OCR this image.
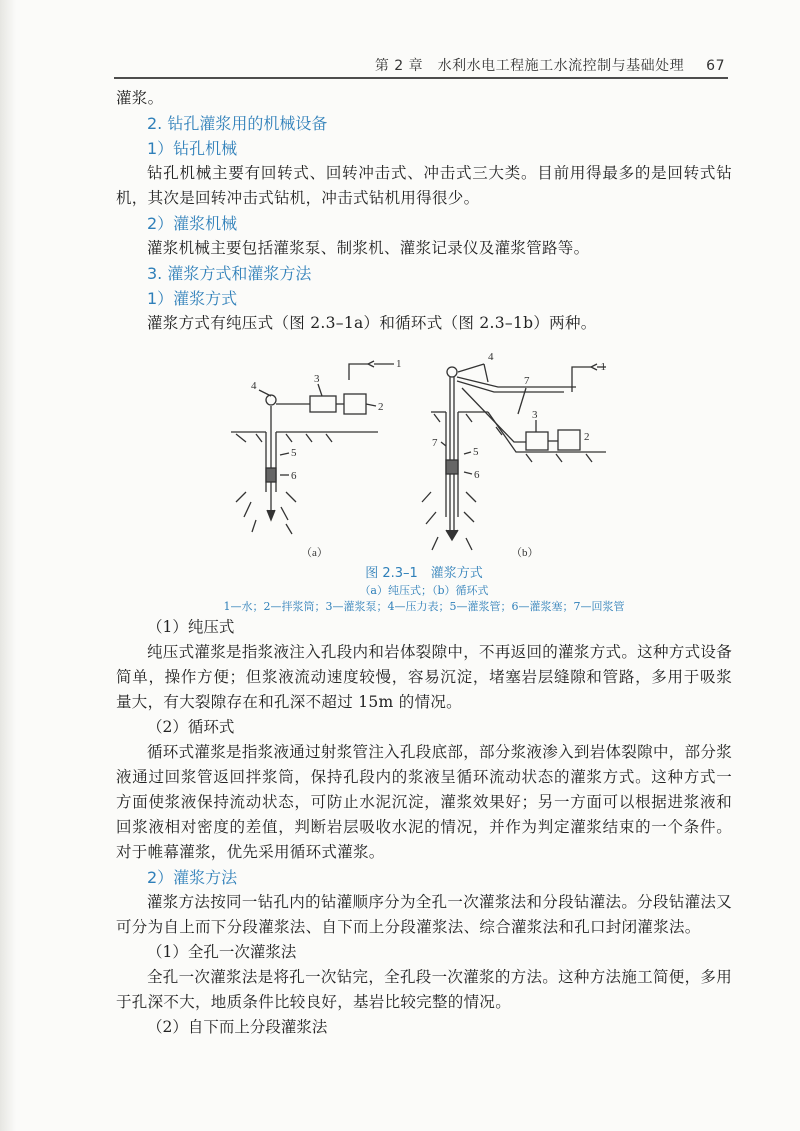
第 2 章　水利水电工程施工水流控制与基础处理 67

灌浆。

2. 钻孔灌浆用的机械设备

1）钻孔机械

钻孔机械主要有回转式、回转冲击式、冲击式三大类。目前用得最多的是回转式钻机，其次是回转冲击式钻机，冲击式钻机用得很少。

2）灌浆机械

灌浆机械主要包括灌浆泵、制浆机、灌浆记录仪及灌浆管路等。

3. 灌浆方式和灌浆方法

1）灌浆方式

灌浆方式有纯压式（图 2.3–1a）和循环式（图 2.3–1b）两种。

1
2
3
4
5
6
4
7
1
2
3
7
5
6
（a）	（b）

图 2.3–1　灌浆方式

（a）纯压式；（b）循环式

1—水；2—拌浆筒；3—灌浆泵；4—压力表；5—灌浆管；6—灌浆塞；7—回浆管

（1）纯压式

纯压式灌浆是指浆液注入孔段内和岩体裂隙中，不再返回的灌浆方式。这种方式设备简单，操作方便；但浆液流动速度较慢，容易沉淀，堵塞岩层缝隙和管路，多用于吸浆量大，有大裂隙存在和孔深不超过 15m 的情况。

（2）循环式

循环式灌浆是指浆液通过射浆管注入孔段底部，部分浆液渗入到岩体裂隙中，部分浆液通过回浆管返回拌浆筒，保持孔段内的浆液呈循环流动状态的灌浆方式。这种方式一方面使浆液保持流动状态，可防止水泥沉淀，灌浆效果好；另一方面可以根据进浆液和回浆液相对密度的差值，判断岩层吸收水泥的情况，并作为判定灌浆结束的一个条件。对于帷幕灌浆，优先采用循环式灌浆。

2）灌浆方法

灌浆方法按同一钻孔内的钻灌顺序分为全孔一次灌浆法和分段钻灌法。分段钻灌法又可分为自上而下分段灌浆法、自下而上分段灌浆法、综合灌浆法和孔口封闭灌浆法。

（1）全孔一次灌浆法

全孔一次灌浆法是将孔一次钻完，全孔段一次灌浆的方法。这种方法施工简便，多用于孔深不大，地质条件比较良好，基岩比较完整的情况。

（2）自下而上分段灌浆法
